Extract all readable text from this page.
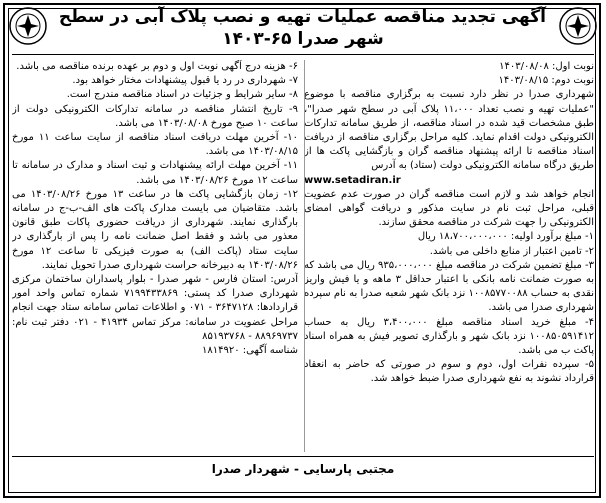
آگهی تجدید مناقصه عملیات تهیه و نصب پلاک آبی در سطح
شهر صدرا ۶۵-۱۴۰۳

نوبت اول: ۱۴۰۳/۰۸/۰۸

نوبت دوم: ۱۴۰۳/۰۸/۱۵

شهرداری صدرا در نظر دارد نسبت به برگزاری مناقصه با موضوع "عملیات تهیه و نصب تعداد ۱۱،۰۰۰ پلاک آبی در سطح شهر صدرا"، طبق مشخصات قید شده در اسناد مناقصه، از طریق سامانه تدارکات الکترونیکی دولت اقدام نماید. کلیه مراحل برگزاری مناقصه از دریافت اسناد مناقصه تا ارائه پیشنهاد مناقصه گران و بازگشایی پاکت ها از طریق درگاه سامانه الکترونیکی دولت (ستاد) به آدرس

www.setadiran.ir

انجام خواهد شد و لازم است مناقصه گران در صورت عدم عضویت قبلی، مراحل ثبت نام در سایت مذکور و دریافت گواهی امضای الکترونیکی را جهت شرکت در مناقصه محقق سازند.

۱- مبلغ برآورد اولیه: ۱۸،۷۰۰،۰۰۰،۰۰۰ ریال

۲- تامین اعتبار از منابع داخلی می باشد.

۳- مبلغ تضمین شرکت در مناقصه مبلغ ۹۳۵،۰۰۰،۰۰۰ ریال می باشد که به صورت ضمانت نامه بانکی با اعتبار حداقل ۳ ماهه و یا فیش واریز نقدی به حساب ۱۰۰۸۵۷۷۰۰۸۸ نزد بانک شهر شعبه صدرا به نام سپرده شهرداری صدرا می باشد.

۴- مبلغ خرید اسناد مناقصه مبلغ ۳،۴۰۰،۰۰۰ ریال به حساب ۱۰۰۸۵۰۵۹۱۴۱۲ نزد بانک شهر و بارگذاری تصویر فیش به همراه اسناد پاکت ب می باشد.

۵- سپرده نفرات اول، دوم و سوم در صورتی که حاضر به انعقاد قرارداد نشوند به نفع شهرداری صدرا ضبط خواهد شد.

۶- هزینه درج آگهی نوبت اول و دوم بر عهده برنده مناقصه می باشد.

۷- شهرداری در رد یا قبول پیشنهادات مختار خواهد بود.

۸- سایر شرایط و جزئیات در اسناد مناقصه مندرج است.

۹- تاریخ انتشار مناقصه در سامانه تدارکات الکترونیکی دولت از ساعت ۱۰ صبح مورخ ۱۴۰۳/۰۸/۰۸ می باشد.

۱۰- آخرین مهلت دریافت اسناد مناقصه از سایت ساعت ۱۱ مورخ ۱۴۰۳/۰۸/۱۵ می باشد.

۱۱- آخرین مهلت ارائه پیشنهادات و ثبت اسناد و مدارک در سامانه تا ساعت ۱۲ مورخ ۱۴۰۳/۰۸/۲۶ می باشد.

۱۲- زمان بازگشایی پاکت ها در ساعت ۱۳ مورخ ۱۴۰۳/۰۸/۲۶ می باشد. متقاضیان می بایست مدارک پاکت های الف-ب-ج در سامانه بارگذاری نمایند. شهرداری از دریافت حضوری پاکات طبق قانون معذور می باشد و فقط اصل ضمانت نامه را پس از بارگذاری در سایت ستاد (پاکت الف) به صورت فیزیکی تا ساعت ۱۲ مورخ ۱۴۰۳/۰۸/۲۶ به دبیرخانه حراست شهرداری صدرا تحویل نمایند.

آدرس: استان فارس - شهر صدرا - بلوار پاسداران ساختمان مرکزی شهرداری صدرا کد پستی: ۷۱۹۹۴۳۳۸۶۹ شماره تماس واحد امور قراردادها: ۳۶۴۷۱۲۸ - ۰۷۱ و اطلاعات تماس سامانه ستاد جهت انجام مراحل عضویت در سامانه: مرکز تماس ۴۱۹۳۴ - ۰۲۱ دفتر ثبت نام: ۸۸۹۶۹۷۳۷ - ۸۵۱۹۳۷۶۸

شناسه آگهی: ۱۸۱۴۹۲۰

مجتبی پارسایی - شهردار صدرا
